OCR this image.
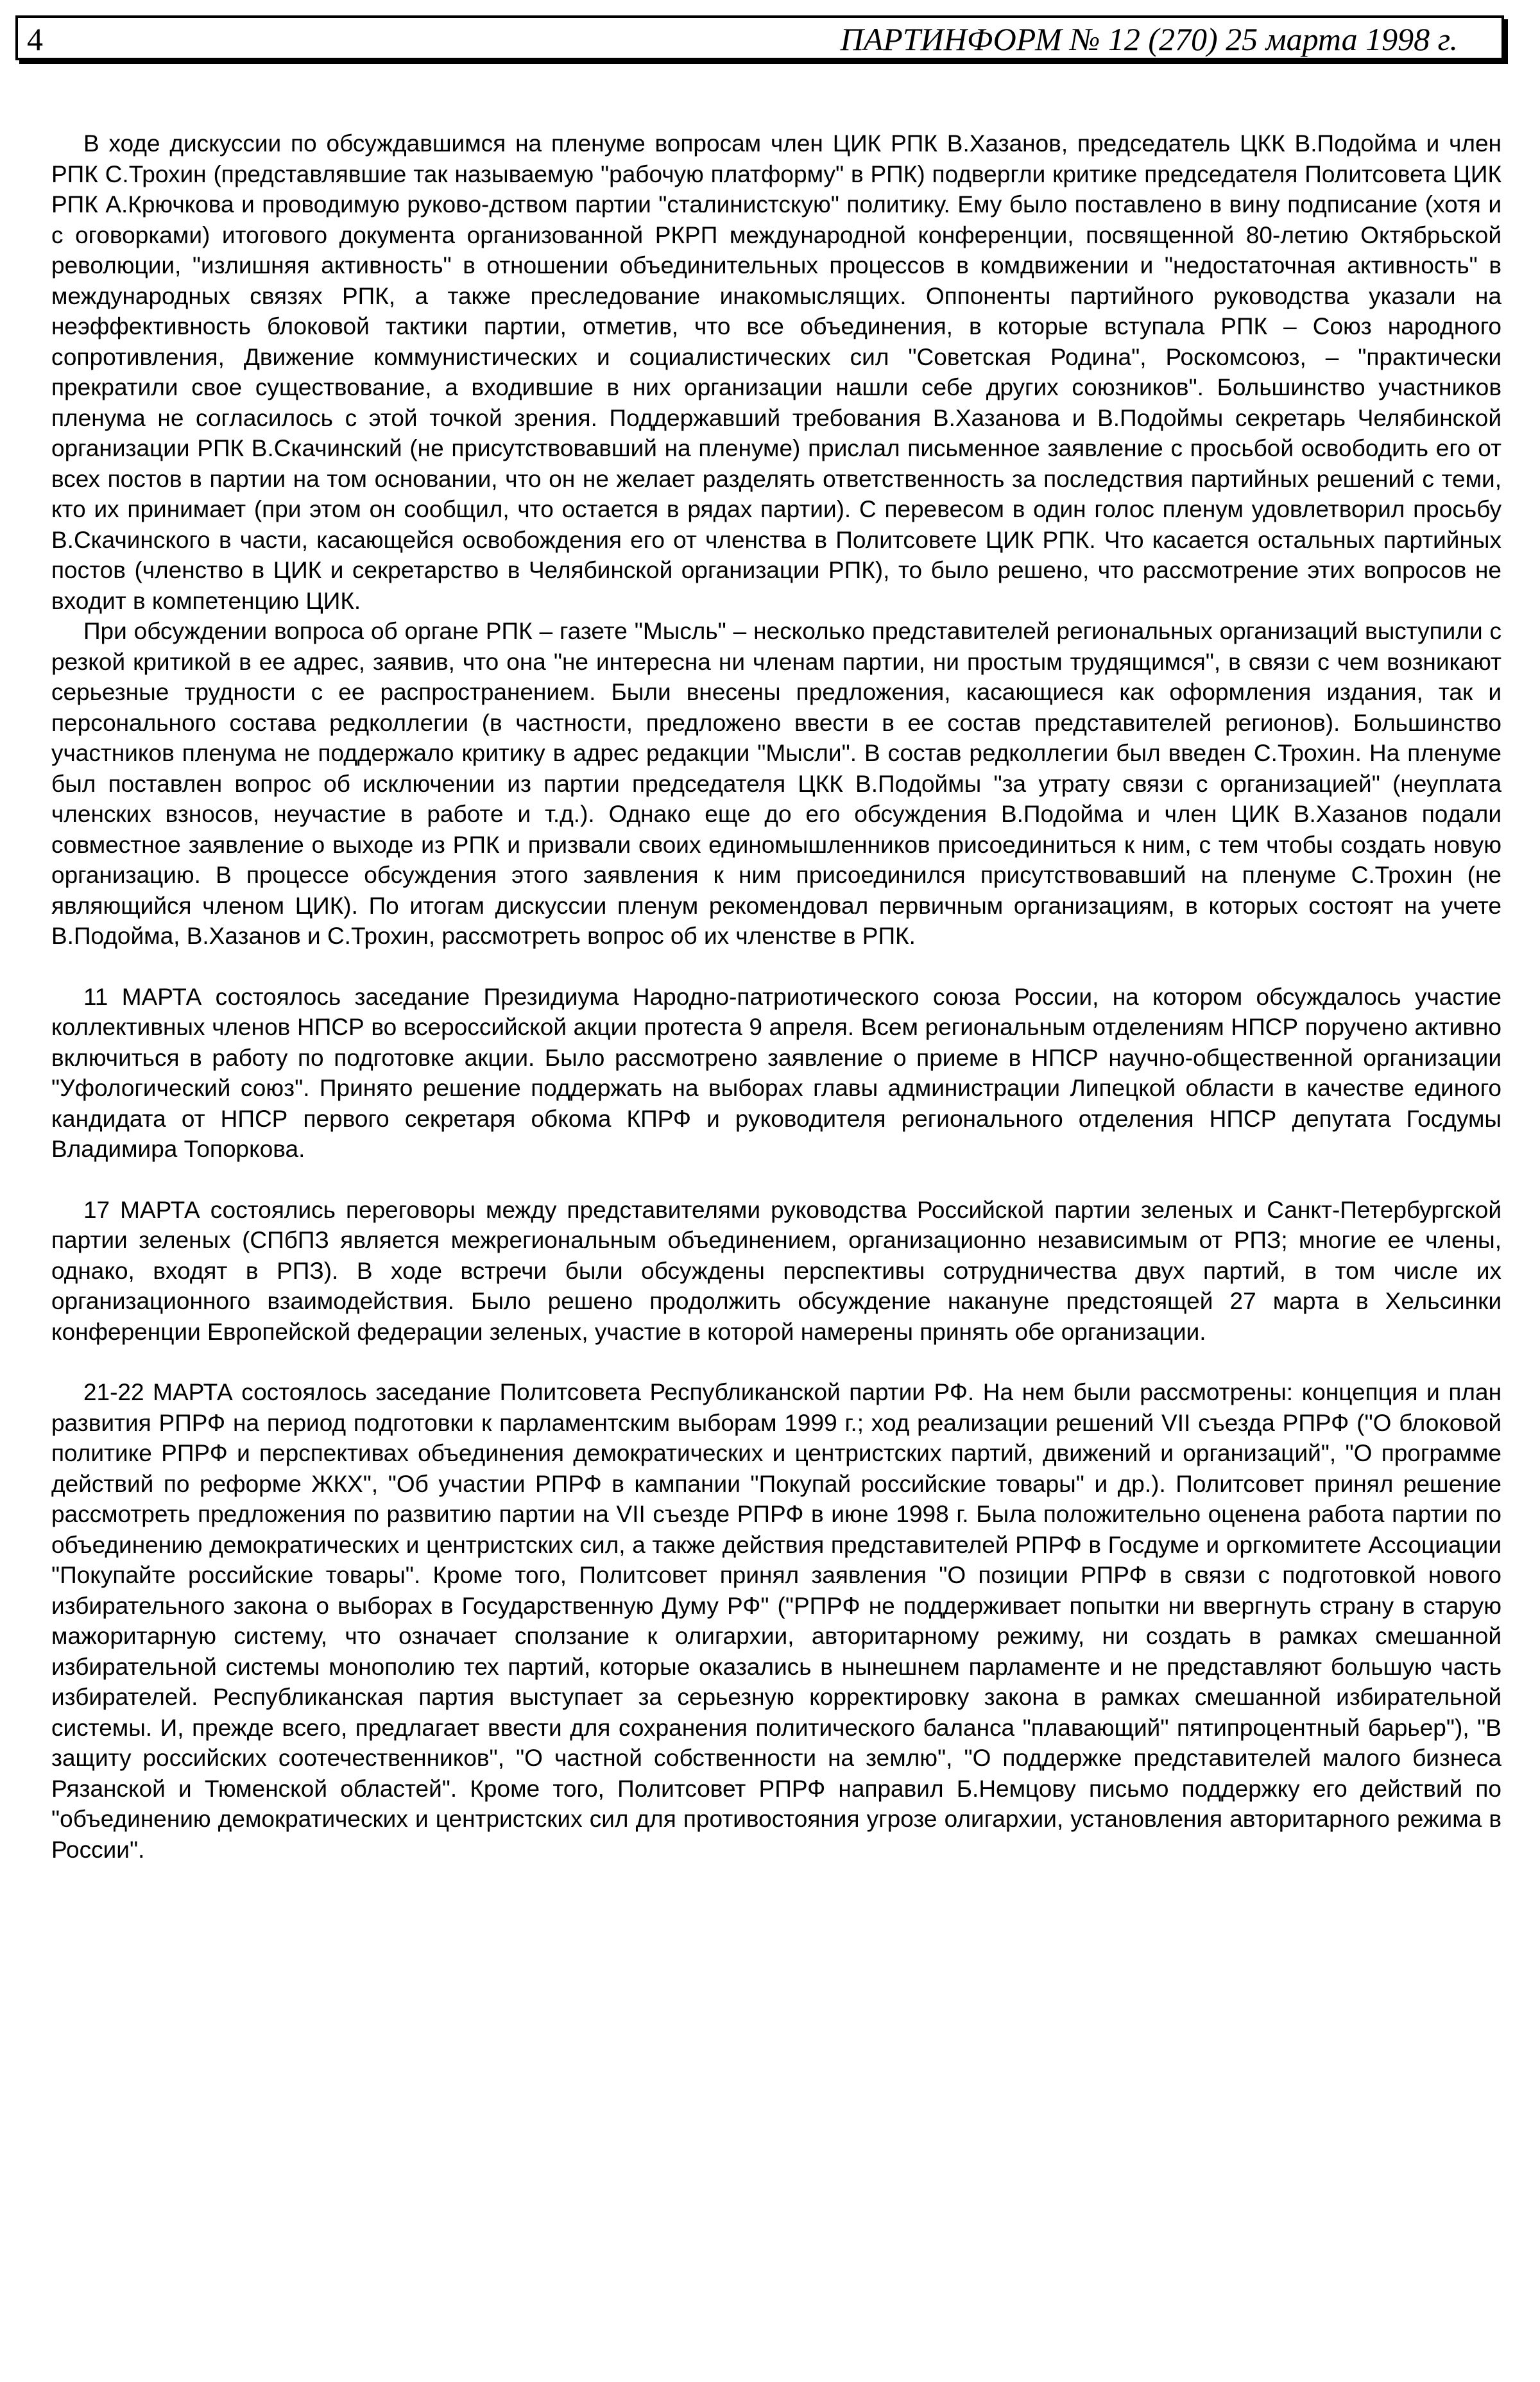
4	ПАРТИНФОРМ № 12 (270) 25 марта 1998 г.

В ходе дискуссии по обсуждавшимся на пленуме вопросам член ЦИК РПК В.Хазанов, председатель ЦКК В.Подойма и член РПК С.Трохин (представлявшие так называемую "рабочую платформу" в РПК) подвергли критике председателя Политсовета ЦИК РПК А.Крючкова и проводимую руково-дством партии "сталинистскую" политику. Ему было поставлено в вину подписание (хотя и с оговорками) итогового документа организованной РКРП международной конференции, посвященной 80-летию Октябрьской революции, "излишняя активность" в отношении объединительных процессов в комдвижении и "недостаточная активность" в международных связях РПК, а также преследование инакомыслящих. Оппоненты партийного руководства указали на неэффективность блоковой тактики партии, отметив, что все объединения, в которые вступала РПК – Союз народного сопротивления, Движение коммунистических и социалистических сил "Советская Родина", Роскомсоюз, – "практически прекратили свое существование, а входившие в них организации нашли себе других союзников". Большинство участников пленума не согласилось с этой точкой зрения. Поддержавший требования В.Хазанова и В.Подоймы секретарь Челябинской организации РПК В.Скачинский (не присутствовавший на пленуме) прислал письменное заявление с просьбой освободить его от всех постов в партии на том основании, что он не желает разделять ответственность за последствия партийных решений с теми, кто их принимает (при этом он сообщил, что остается в рядах партии). С перевесом в один голос пленум удовлетворил просьбу В.Скачинского в части, касающейся освобождения его от членства в Политсовете ЦИК РПК. Что касается остальных партийных постов (членство в ЦИК и секретарство в Челябинской организации РПК), то было решено, что рассмотрение этих вопросов не входит в компетенцию ЦИК.

При обсуждении вопроса об органе РПК – газете "Мысль" – несколько представителей региональных организаций выступили с резкой критикой в ее адрес, заявив, что она "не интересна ни членам партии, ни простым трудящимся", в связи с чем возникают серьезные трудности с ее распространением. Были внесены предложения, касающиеся как оформления издания, так и персонального состава редколлегии (в частности, предложено ввести в ее состав представителей регионов). Большинство участников пленума не поддержало критику в адрес редакции "Мысли". В состав редколлегии был введен С.Трохин. На пленуме был поставлен вопрос об исключении из партии председателя ЦКК В.Подоймы "за утрату связи с организацией" (неуплата членских взносов, неучастие в работе и т.д.). Однако еще до его обсуждения В.Подойма и член ЦИК В.Хазанов подали совместное заявление о выходе из РПК и призвали своих единомышленников присоединиться к ним, с тем чтобы создать новую организацию. В процессе обсуждения этого заявления к ним присоединился присутствовавший на пленуме С.Трохин (не являющийся членом ЦИК). По итогам дискуссии пленум рекомендовал первичным организациям, в которых состоят на учете В.Подойма, В.Хазанов и С.Трохин, рассмотреть вопрос об их членстве в РПК.

11 МАРТА состоялось заседание Президиума Народно-патриотического союза России, на котором обсуждалось участие коллективных членов НПСР во всероссийской акции протеста 9 апреля. Всем региональным отделениям НПСР поручено активно включиться в работу по подготовке акции. Было рассмотрено заявление о приеме в НПСР научно-общественной организации "Уфологический союз". Принято решение поддержать на выборах главы администрации Липецкой области в качестве единого кандидата от НПСР первого секретаря обкома КПРФ и руководителя регионального отделения НПСР депутата Госдумы Владимира Топоркова.

17 МАРТА состоялись переговоры между представителями руководства Российской партии зеленых и Санкт-Петербургской партии зеленых (СПбПЗ является межрегиональным объединением, организационно независимым от РПЗ; многие ее члены, однако, входят в РПЗ). В ходе встречи были обсуждены перспективы сотрудничества двух партий, в том числе их организационного взаимодействия. Было решено продолжить обсуждение накануне предстоящей 27 марта в Хельсинки конференции Европейской федерации зеленых, участие в которой намерены принять обе организации.

21-22 МАРТА состоялось заседание Политсовета Республиканской партии РФ. На нем были рассмотрены: концепция и план развития РПРФ на период подготовки к парламентским выборам 1999 г.; ход реализации решений VII съезда РПРФ ("О блоковой политике РПРФ и перспективах объединения демократических и центристских партий, движений и организаций", "О программе действий по реформе ЖКХ", "Об участии РПРФ в кампании "Покупай российские товары" и др.). Политсовет принял решение рассмотреть предложения по развитию партии на VII съезде РПРФ в июне 1998 г. Была положительно оценена работа партии по объединению демократических и центристских сил, а также действия представителей РПРФ в Госдуме и оргкомитете Ассоциации "Покупайте российские товары". Кроме того, Политсовет принял заявления "О позиции РПРФ в связи с подготовкой нового избирательного закона о выборах в Государственную Думу РФ" ("РПРФ не поддерживает попытки ни ввергнуть страну в старую мажоритарную систему, что означает сползание к олигархии, авторитарному режиму, ни создать в рамках смешанной избирательной системы монополию тех партий, которые оказались в нынешнем парламенте и не представляют большую часть избирателей. Республиканская партия выступает за серьезную корректировку закона в рамках смешанной избирательной системы. И, прежде всего, предлагает ввести для сохранения политического баланса "плавающий" пятипроцентный барьер"), "В защиту российских соотечественников", "О частной собственности на землю", "О поддержке представителей малого бизнеса Рязанской и Тюменской областей". Кроме того, Политсовет РПРФ направил Б.Немцову письмо поддержку его действий по "объединению демократических и центристских сил для противостояния угрозе олигархии, установления авторитарного режима в России".
